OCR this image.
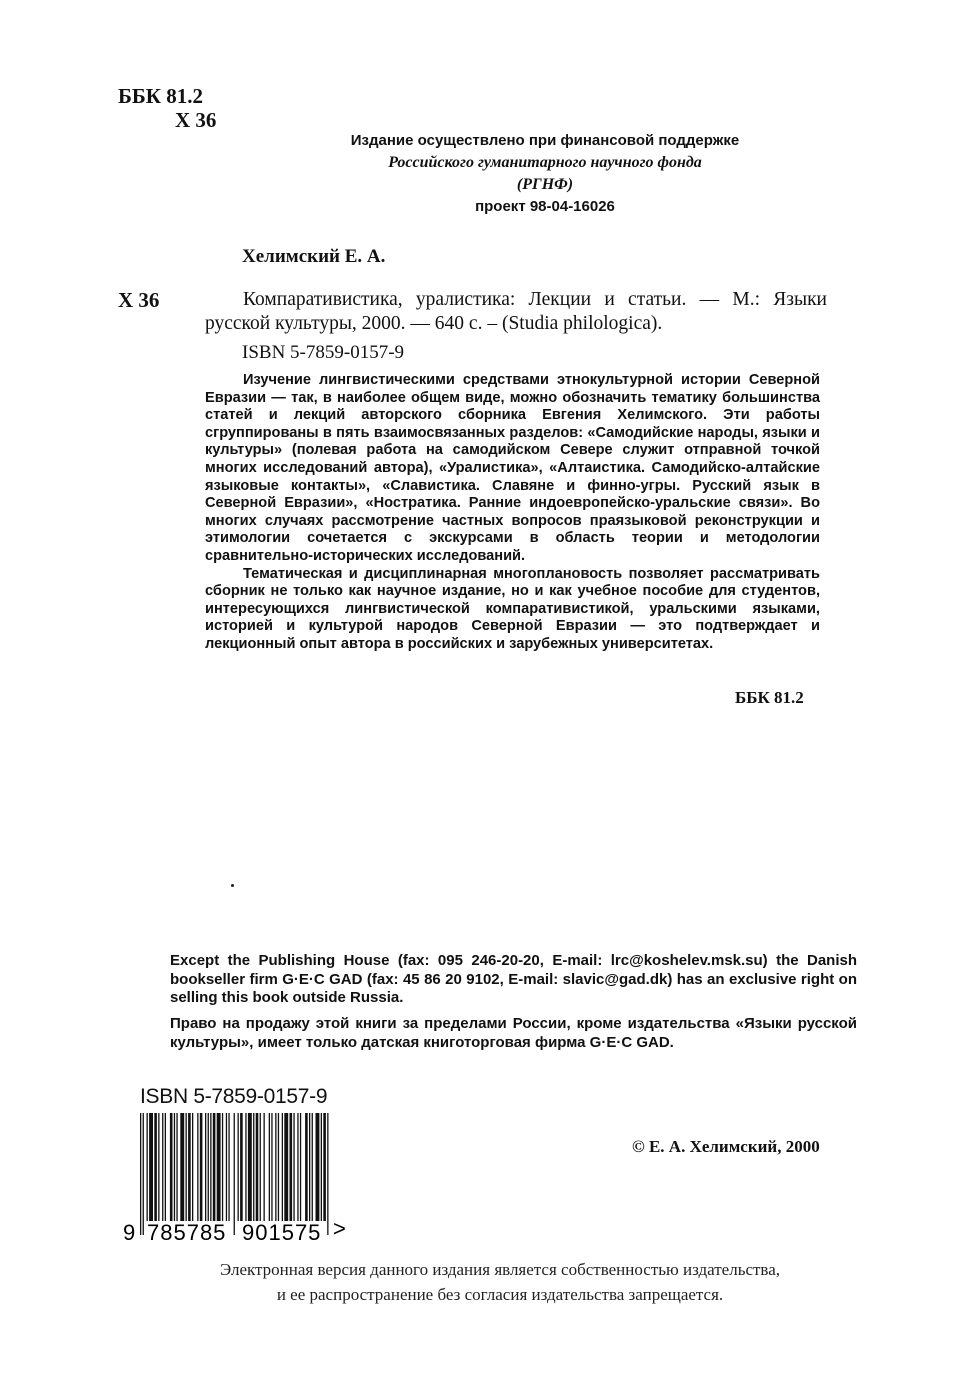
ББК 81.2
Х 36
Издание осуществлено при финансовой поддержке
Российского гуманитарного научного фонда
(РГНФ)
проект 98-04-16026
Хелимский Е. А.
Х 36	Компаративистика, уралистика: Лекции и статьи. — М.: Языки русской культуры, 2000. — 640 с. – (Studia philologica).
ISBN 5-7859-0157-9

Изучение лингвистическими средствами этнокультурной истории Северной Евразии — так, в наиболее общем виде, можно обозначить тематику большинства статей и лекций авторского сборника Евгения Хелимского. Эти работы сгруппированы в пять взаимосвязанных разделов: «Самодийские народы, языки и культуры» (полевая работа на самодийском Севере служит отправной точкой многих исследований автора), «Уралистика», «Алтаистика. Самодийско-алтайские языковые контакты», «Славистика. Славяне и финно-угры. Русский язык в Северной Евразии», «Ностратика. Ранние индоевропейско-уральские связи». Во многих случаях рассмотрение частных вопросов праязыковой реконструкции и этимологии сочетается с экскурсами в область теории и методологии сравнительно-исторических исследований.

Тематическая и дисциплинарная многоплановость позволяет рассматривать сборник не только как научное издание, но и как учебное пособие для студентов, интересующихся лингвистической компаративистикой, уральскими языками, историей и культурой народов Северной Евразии — это подтверждает и лекционный опыт автора в российских и зарубежных университетах.

ББК 81.2
Except the Publishing House (fax: 095 246-20-20, E-mail: lrc@koshelev.msk.su) the Danish bookseller firm G·E·C GAD (fax: 45 86 20 9102, E-mail: slavic@gad.dk) has an exclusive right on selling this book outside Russia.
Право на продажу этой книги за пределами России, кроме издательства «Языки русской культуры», имеет только датская книготорговая фирма G·E·C GAD.
ISBN 5-7859-0157-9
9 785785 901575 >
© Е. А. Хелимский, 2000
Электронная версия данного издания является собственностью издательства,
и ее распространение без согласия издательства запрещается.
